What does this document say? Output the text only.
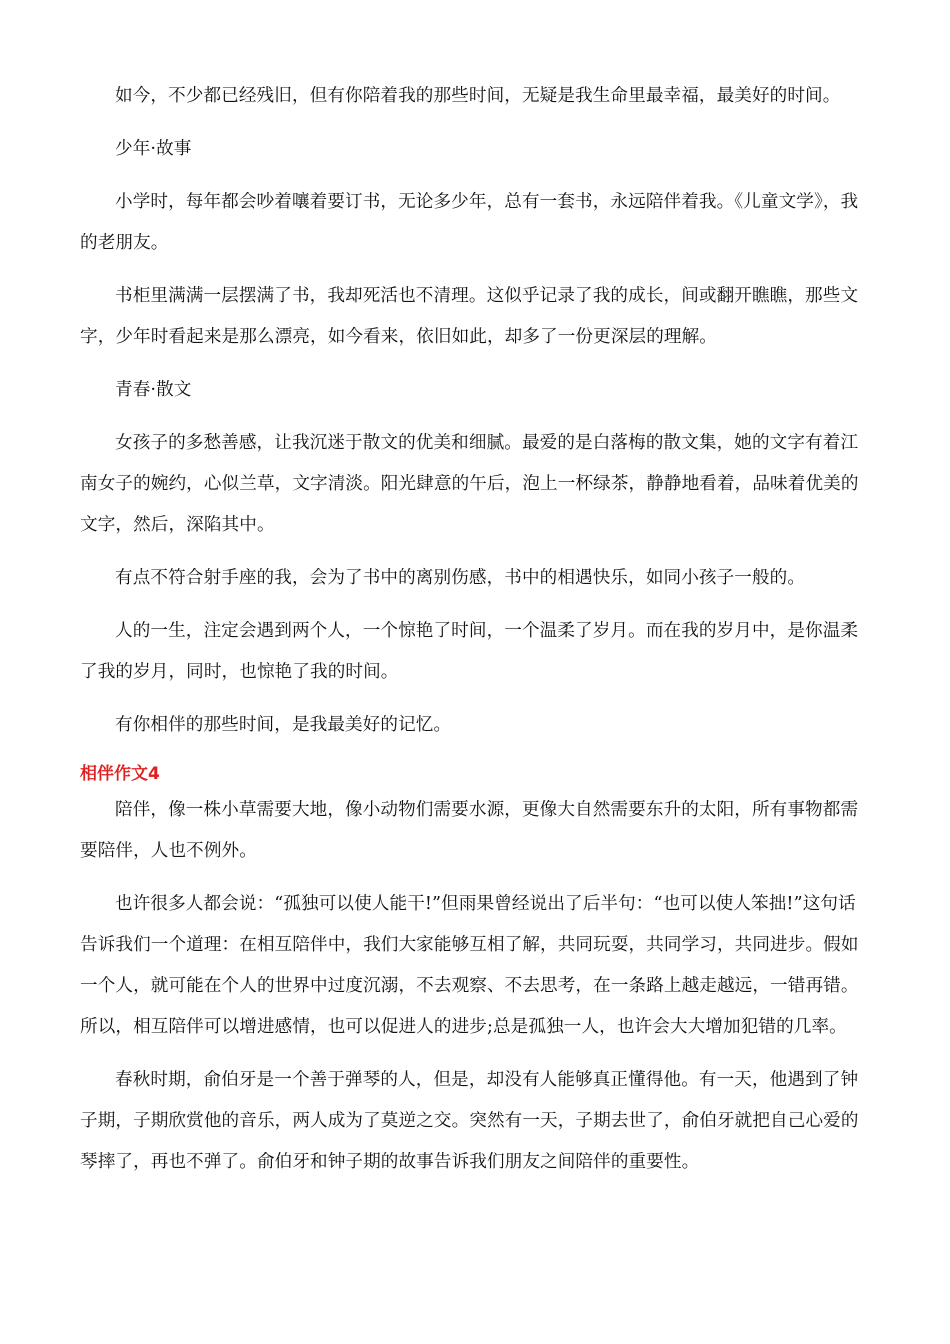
如今，不少都已经残旧，但有你陪着我的那些时间，无疑是我生命里最幸福，最美好的时间。

少年·故事

小学时，每年都会吵着嚷着要订书，无论多少年，总有一套书，永远陪伴着我。《儿童文学》，我的老朋友。

书柜里满满一层摆满了书，我却死活也不清理。这似乎记录了我的成长，间或翻开瞧瞧，那些文字，少年时看起来是那么漂亮，如今看来，依旧如此，却多了一份更深层的理解。

青春·散文

女孩子的多愁善感，让我沉迷于散文的优美和细腻。最爱的是白落梅的散文集，她的文字有着江南女子的婉约，心似兰草，文字清淡。阳光肆意的午后，泡上一杯绿茶，静静地看着，品味着优美的文字，然后，深陷其中。

有点不符合射手座的我，会为了书中的离别伤感，书中的相遇快乐，如同小孩子一般的。

人的一生，注定会遇到两个人，一个惊艳了时间，一个温柔了岁月。而在我的岁月中，是你温柔了我的岁月，同时，也惊艳了我的时间。

有你相伴的那些时间，是我最美好的记忆。

相伴作文4

陪伴，像一株小草需要大地，像小动物们需要水源，更像大自然需要东升的太阳，所有事物都需要陪伴，人也不例外。

也许很多人都会说：“孤独可以使人能干!”但雨果曾经说出了后半句：“也可以使人笨拙!”这句话告诉我们一个道理：在相互陪伴中，我们大家能够互相了解，共同玩耍，共同学习，共同进步。假如一个人，就可能在个人的世界中过度沉溺，不去观察、不去思考，在一条路上越走越远，一错再错。所以，相互陪伴可以增进感情，也可以促进人的进步;总是孤独一人，也许会大大增加犯错的几率。

春秋时期，俞伯牙是一个善于弹琴的人，但是，却没有人能够真正懂得他。有一天，他遇到了钟子期，子期欣赏他的音乐，两人成为了莫逆之交。突然有一天，子期去世了，俞伯牙就把自己心爱的琴摔了，再也不弹了。俞伯牙和钟子期的故事告诉我们朋友之间陪伴的重要性。
